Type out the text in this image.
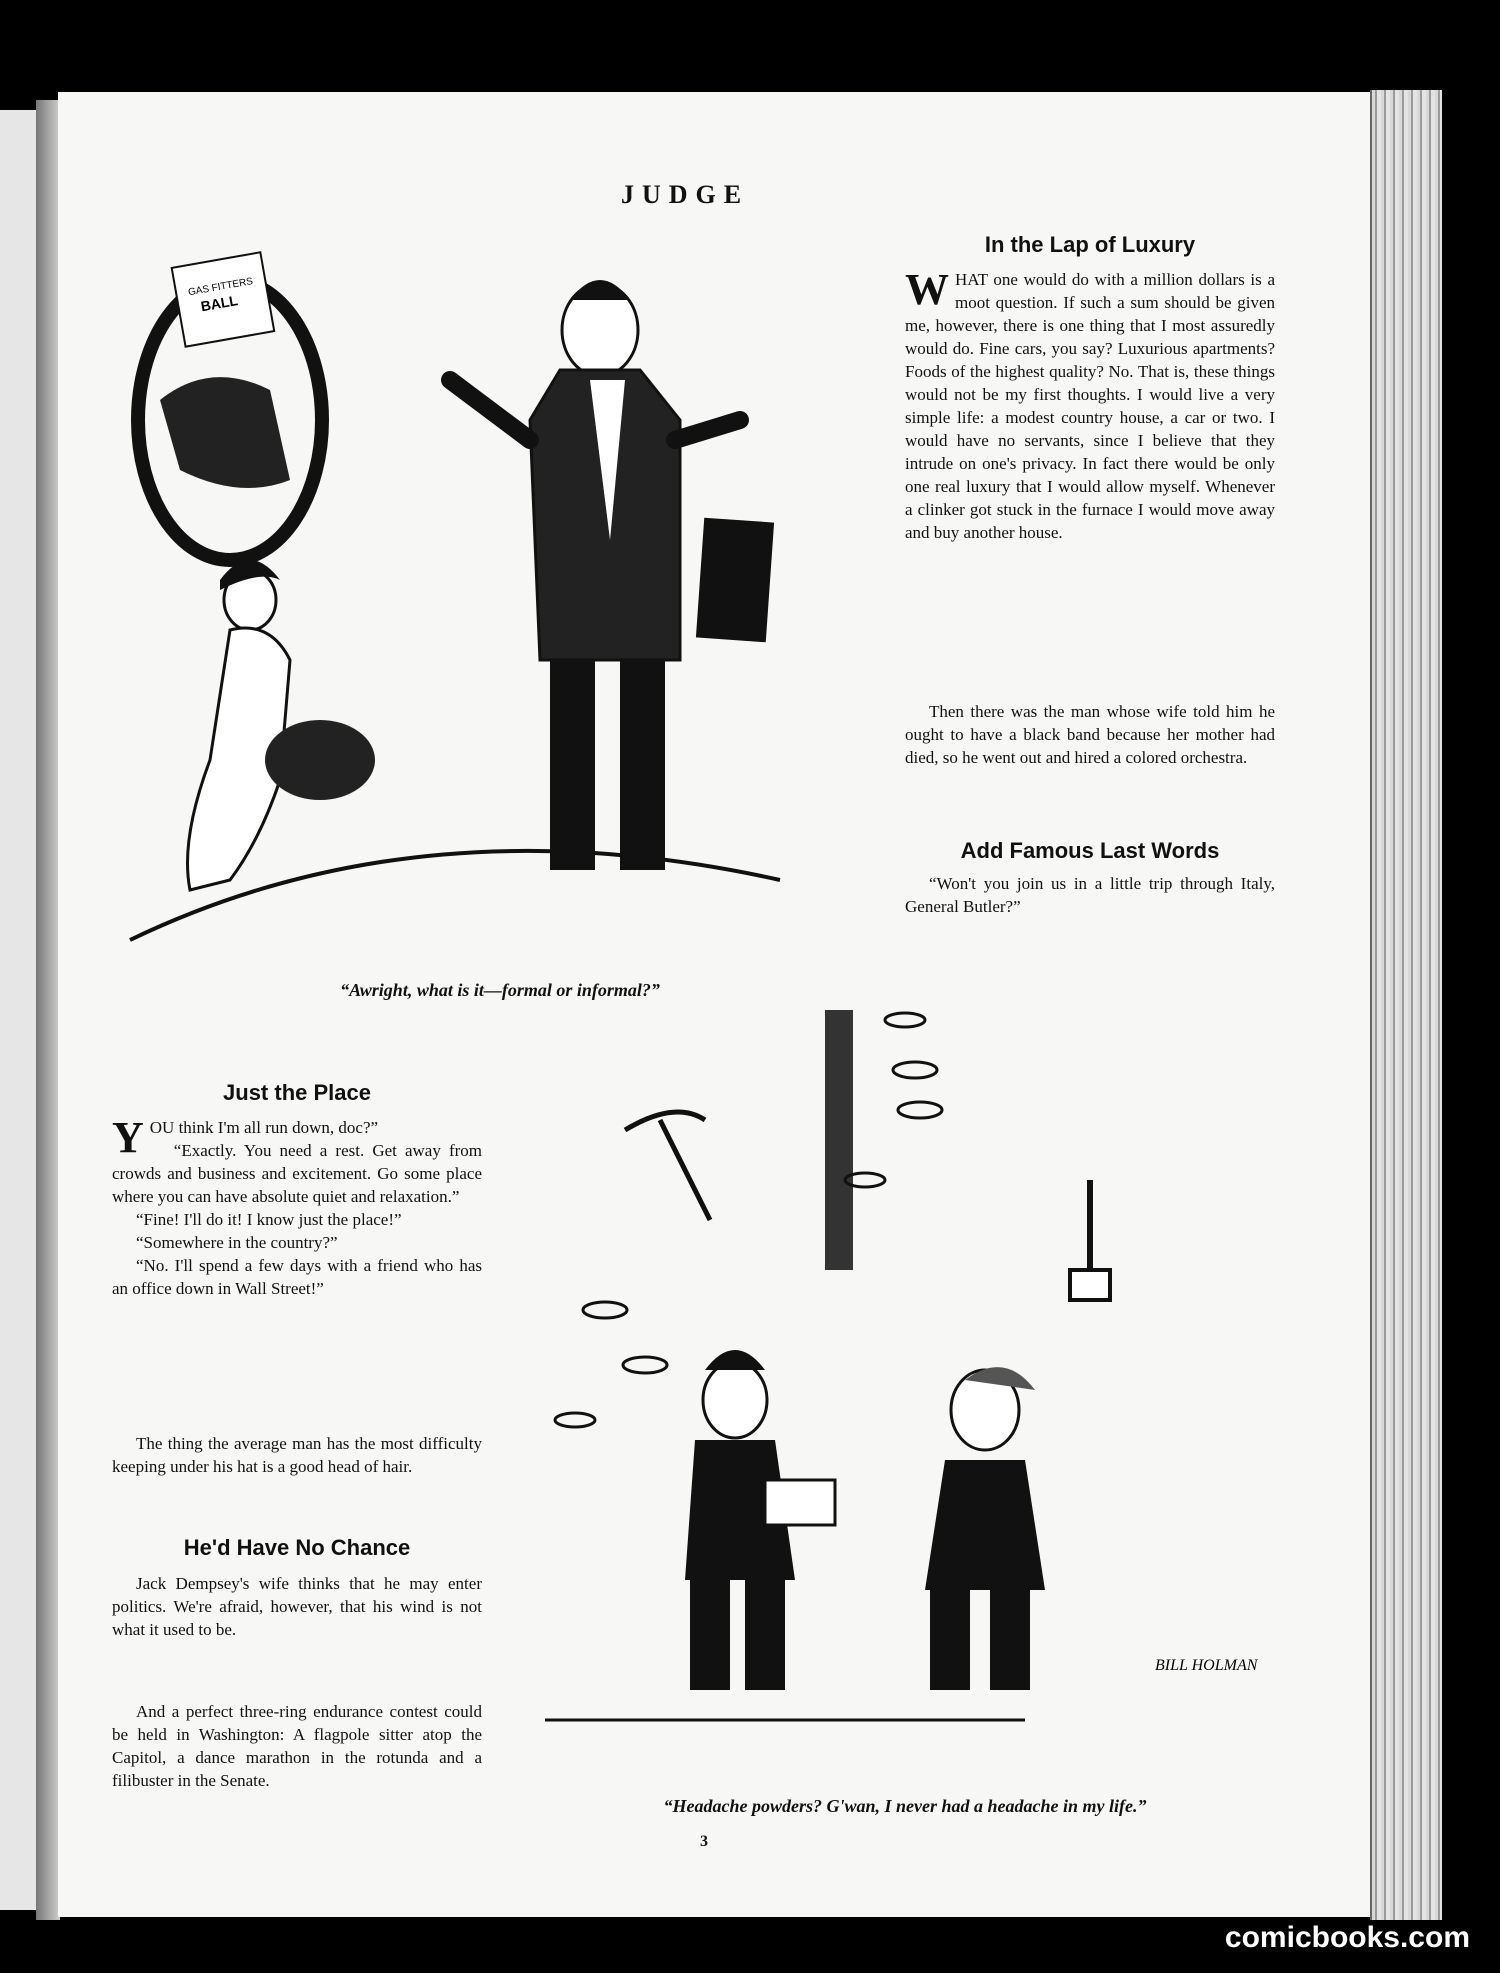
JUDGE
GAS FITTERS
BALL
“Awright, what is it—formal or informal?”
In the Lap of Luxury

WHAT one would do with a million dollars is a moot question. If such a sum should be given me, however, there is one thing that I most assuredly would do. Fine cars, you say? Luxurious apartments? Foods of the highest quality? No. That is, these things would not be my first thoughts. I would live a very simple life: a modest country house, a car or two. I would have no servants, since I believe that they intrude on one's privacy. In fact there would be only one real luxury that I would allow myself. Whenever a clinker got stuck in the furnace I would move away and buy another house.

Then there was the man whose wife told him he ought to have a black band because her mother had died, so he went out and hired a colored orchestra.

Add Famous Last Words

“Won't you join us in a little trip through Italy, General Butler?”

Just the Place

YOU think I'm all run down, doc?”

“Exactly. You need a rest. Get away from crowds and business and excitement. Go some place where you can have absolute quiet and relaxation.”

“Fine! I'll do it! I know just the place!”

“Somewhere in the country?”

“No. I'll spend a few days with a friend who has an office down in Wall Street!”

The thing the average man has the most difficulty keeping under his hat is a good head of hair.

He'd Have No Chance

Jack Dempsey's wife thinks that he may enter politics. We're afraid, however, that his wind is not what it used to be.

And a perfect three-ring endurance contest could be held in Washington: A flagpole sitter atop the Capitol, a dance marathon in the rotunda and a filibuster in the Senate.

BILL HOLMAN
“Headache powders? G'wan, I never had a headache in my life.”
3
comicbooks.com
